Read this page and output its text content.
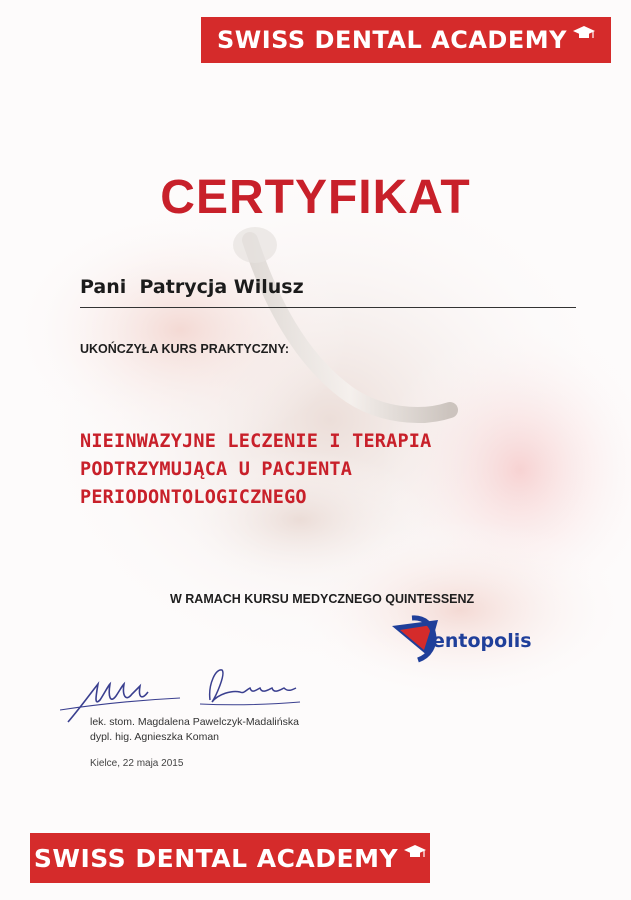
SWISS DENTAL ACADEMY
CERTYFIKAT
Pani  Patrycja Wilusz
UKOŃCZYŁA KURS PRAKTYCZNY:
NIEINWAZYJNE LECZENIE I TERAPIA
PODTRZYMUJĄCA U PACJENTA
PERIODONTOLOGICZNEGO
W RAMACH KURSU MEDYCZNEGO QUINTESSENZ
entopolis
lek. stom. Magdalena Pawelczyk-Madalińska
dypl. hig. Agnieszka Koman
Kielce, 22 maja 2015
SWISS DENTAL ACADEMY
